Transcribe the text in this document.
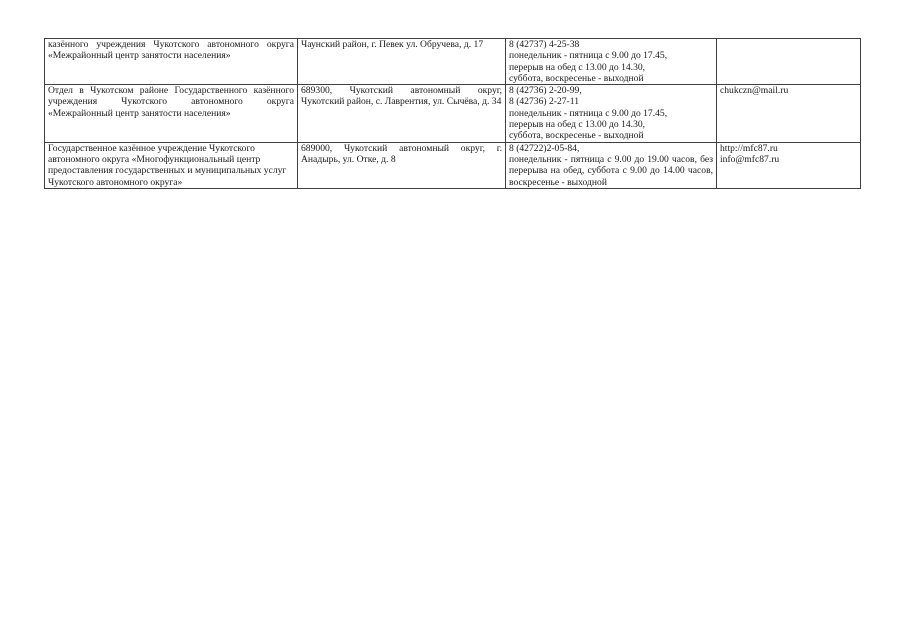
казённого учреждения Чукотского автономного округа «Межрайонный центр занятости населения»	Чаунский район, г. Певек ул. Обручева, д. 17	8 (42737) 4-25-38
понедельник - пятница с 9.00 до 17.45,
перерыв на обед с 13.00 до 14.30,
суббота, воскресенье - выходной	

Отдел в Чукотском районе Государственного казённого учреждения Чукотского автономного округа «Межрайонный центр занятости населения»	689300, Чукотский автономный округ, Чукотский район, с. Лаврентия, ул. Сычёва, д. 34	8 (42736) 2-20-99,
8 (42736) 2-27-11
понедельник - пятница с 9.00 до 17.45,
перерыв на обед с 13.00 до 14.30,
суббота, воскресенье - выходной	chukczn@mail.ru

Государственное казённое учреждение Чукотского автономного округа «Многофункциональный центр предоставления государственных и муниципальных услуг Чукотского автономного округа»	689000, Чукотский автономный округ, г. Анадырь, ул. Отке, д. 8	8 (42722)2-05-84,
понедельник - пятница с 9.00 до 19.00 часов, без перерыва на обед, суббота с 9.00 до 14.00 часов, воскресенье - выходной	http://mfc87.ru
info@mfc87.ru
